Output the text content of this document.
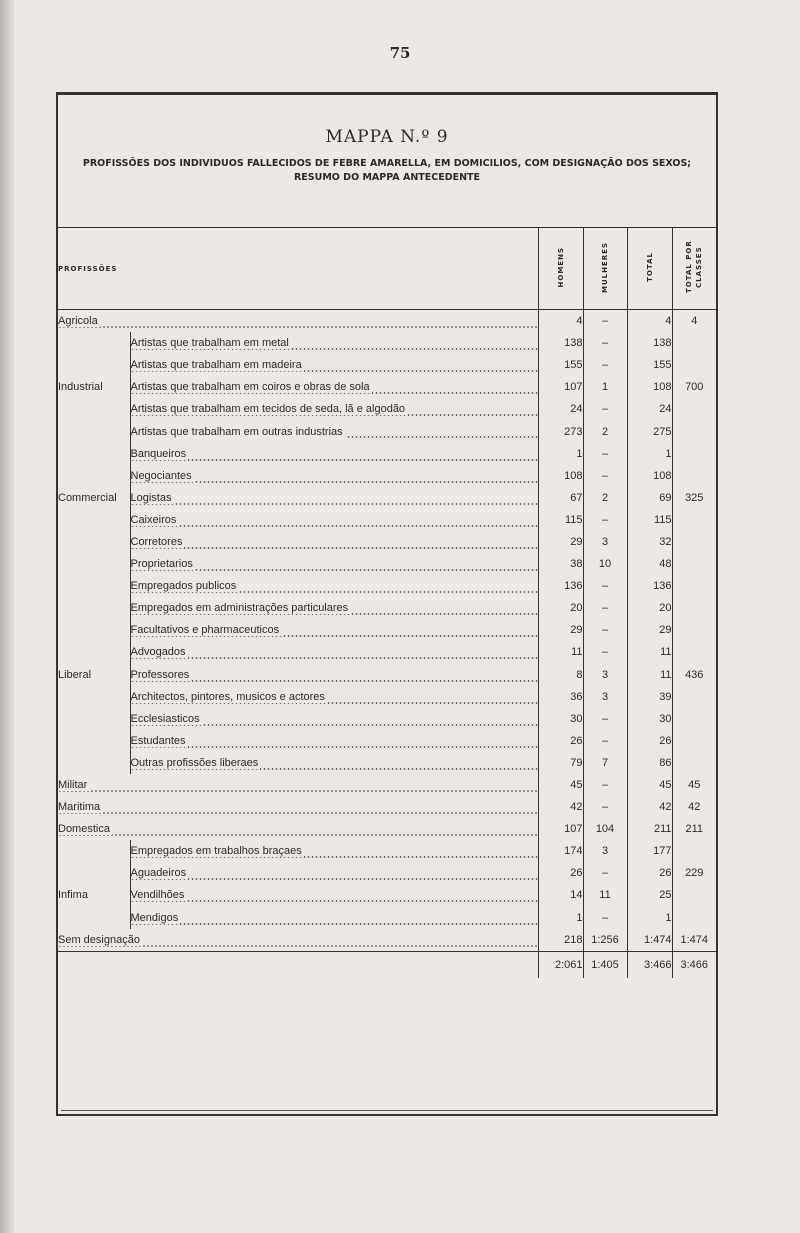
75
MAPPA N.º 9
PROFISSÕES DOS INDIVIDUOS FALLECIDOS DE FEBRE AMARELLA, EM DOMICILIOS, COM DESIGNAÇÃO DOS SEXOS;
RESUMO DO MAPPA ANTECEDENTE
PROFISSÕES		HOMENS	MULHERES	TOTAL	TOTAL POR CLASSES
Agricola		4	–	4	4
	Artistas que trabalham em metal	138	–	138	
	Artistas que trabalham em madeira	155	–	155	
Industrial	Artistas que trabalham em coiros e obras de sola	107	1	108	700
	Artistas que trabalham em tecidos de seda, lã e algodão	24	–	24	
	Artistas que trabalham em outras industrias	273	2	275	
	Banqueiros	1	–	1	
	Negociantes	108	–	108	
Commercial	Logistas	67	2	69	325
	Caixeiros	115	–	115	
	Corretores	29	3	32	
	Proprietarios	38	10	48	
	Empregados publicos	136	–	136	
	Empregados em administrações particulares	20	–	20	
	Facultativos e pharmaceuticos	29	–	29	
	Advogados	11	–	11	
Liberal	Professores	8	3	11	436
	Architectos, pintores, musicos e actores	36	3	39	
	Ecclesiasticos	30	–	30	
	Estudantes	26	–	26	
	Outras profissões liberaes	79	7	86	
Militar		45	–	45	45
Maritima		42	–	42	42
Domestica		107	104	211	211
	Empregados em trabalhos braçaes	174	3	177	
	Aguadeiros	26	–	26	229
Infima	Vendilhões	14	11	25	
	Mendigos	1	–	1	
Sem designação		218	1:256	1:474	1:474
		2:061	1:405	3:466	3:466
